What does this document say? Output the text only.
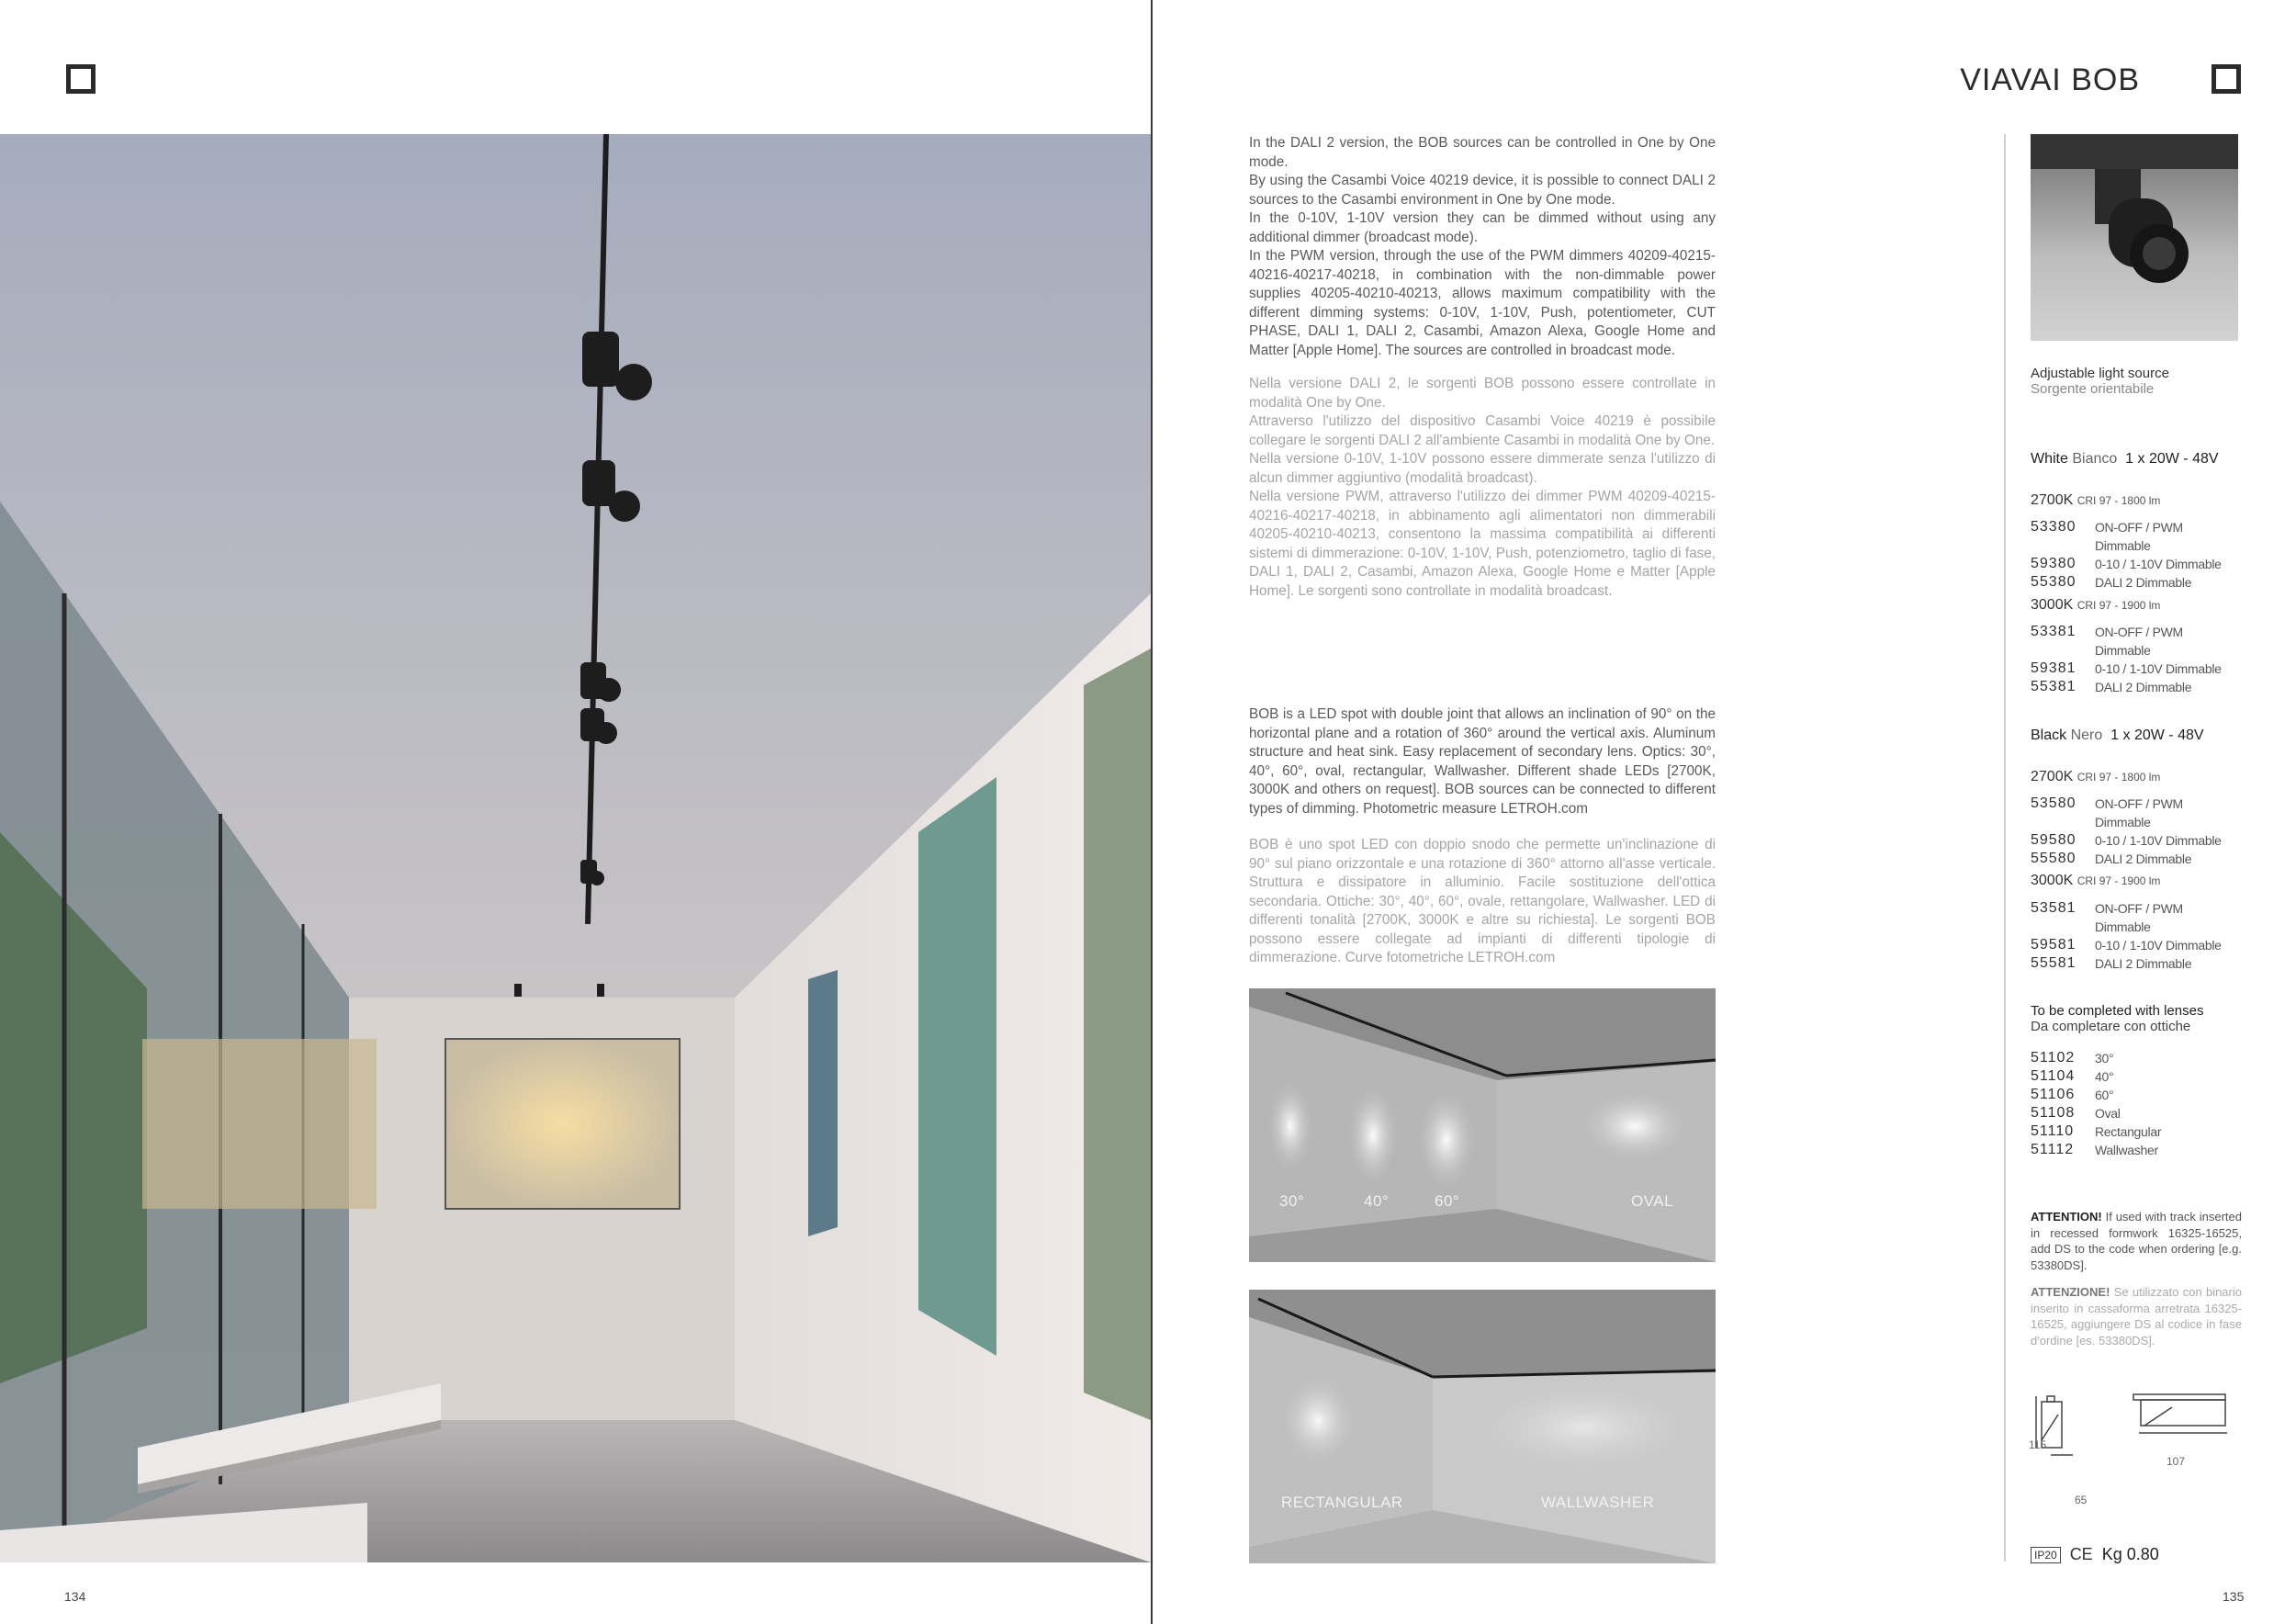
134
VIAVAI BOB

In the DALI 2 version, the BOB sources can be controlled in One by One mode.

By using the Casambi Voice 40219 device, it is possible to connect DALI 2 sources to the Casambi environment in One by One mode.

In the 0-10V, 1-10V version they can be dimmed without using any additional dimmer (broadcast mode).

In the PWM version, through the use of the PWM dimmers 40209-40215-40216-40217-40218, in combination with the non-dimmable power supplies 40205-40210-40213, allows maximum compatibility with the different dimming systems: 0-10V, 1-10V, Push, potentiometer, CUT PHASE, DALI 1, DALI 2, Casambi, Amazon Alexa, Google Home and Matter [Apple Home]. The sources are controlled in broadcast mode.

Nella versione DALI 2, le sorgenti BOB possono essere controllate in modalità One by One.

Attraverso l'utilizzo del dispositivo Casambi Voice 40219 è possibile collegare le sorgenti DALI 2 all'ambiente Casambi in modalità One by One.

Nella versione 0-10V, 1-10V possono essere dimmerate senza l'utilizzo di alcun dimmer aggiuntivo (modalità broadcast).

Nella versione PWM, attraverso l'utilizzo dei dimmer PWM 40209-40215-40216-40217-40218, in abbinamento agli alimentatori non dimmerabili 40205-40210-40213, consentono la massima compatibilità ai differenti sistemi di dimmerazione: 0-10V, 1-10V, Push, potenziometro, taglio di fase, DALI 1, DALI 2, Casambi, Amazon Alexa, Google Home e Matter [Apple Home]. Le sorgenti sono controllate in modalità broadcast.

BOB is a LED spot with double joint that allows an inclination of 90° on the horizontal plane and a rotation of 360° around the vertical axis. Aluminum structure and heat sink. Easy replacement of secondary lens. Optics: 30°, 40°, 60°, oval, rectangular, Wallwasher. Different shade LEDs [2700K, 3000K and others on request]. BOB sources can be connected to different types of dimming. Photometric measure LETROH.com
BOB è uno spot LED con doppio snodo che permette un'inclinazione di 90° sul piano orizzontale e una rotazione di 360° attorno all'asse verticale. Struttura e dissipatore in alluminio. Facile sostituzione dell'ottica secondaria. Ottiche: 30°, 40°, 60°, ovale, rettangolare, Wallwasher. LED di differenti tonalità [2700K, 3000K e altre su richiesta]. Le sorgenti BOB possono essere collegate ad impianti di differenti tipologie di dimmerazione. Curve fotometriche LETROH.com
30°	40°	60°	OVAL
RECTANGULAR	WALLWASHER
Adjustable light source
Sorgente orientabile
White Bianco 1 x 20W - 48V
2700K CRI 97 - 1800 lm
53380	ON-OFF / PWM Dimmable
59380	0-10 / 1-10V Dimmable
55380	DALI 2 Dimmable
3000K CRI 97 - 1900 lm
53381	ON-OFF / PWM Dimmable
59381	0-10 / 1-10V Dimmable
55381	DALI 2 Dimmable
Black Nero 1 x 20W - 48V
2700K CRI 97 - 1800 lm
53580	ON-OFF / PWM Dimmable
59580	0-10 / 1-10V Dimmable
55580	DALI 2 Dimmable
3000K CRI 97 - 1900 lm
53581	ON-OFF / PWM Dimmable
59581	0-10 / 1-10V Dimmable
55581	DALI 2 Dimmable
To be completed with lenses
Da completare con ottiche
51102	30°
51104	40°
51106	60°
51108	Oval
51110	Rectangular
51112	Wallwasher
ATTENTION! If used with track inserted in recessed formwork 16325-16525, add DS to the code when ordering [e.g. 53380DS].
ATTENZIONE! Se utilizzato con binario inserito in cassaforma arretrata 16325-16525, aggiungere DS al codice in fase d'ordine [es. 53380DS].
115
65
107
IP20 CE Kg 0.80
135
